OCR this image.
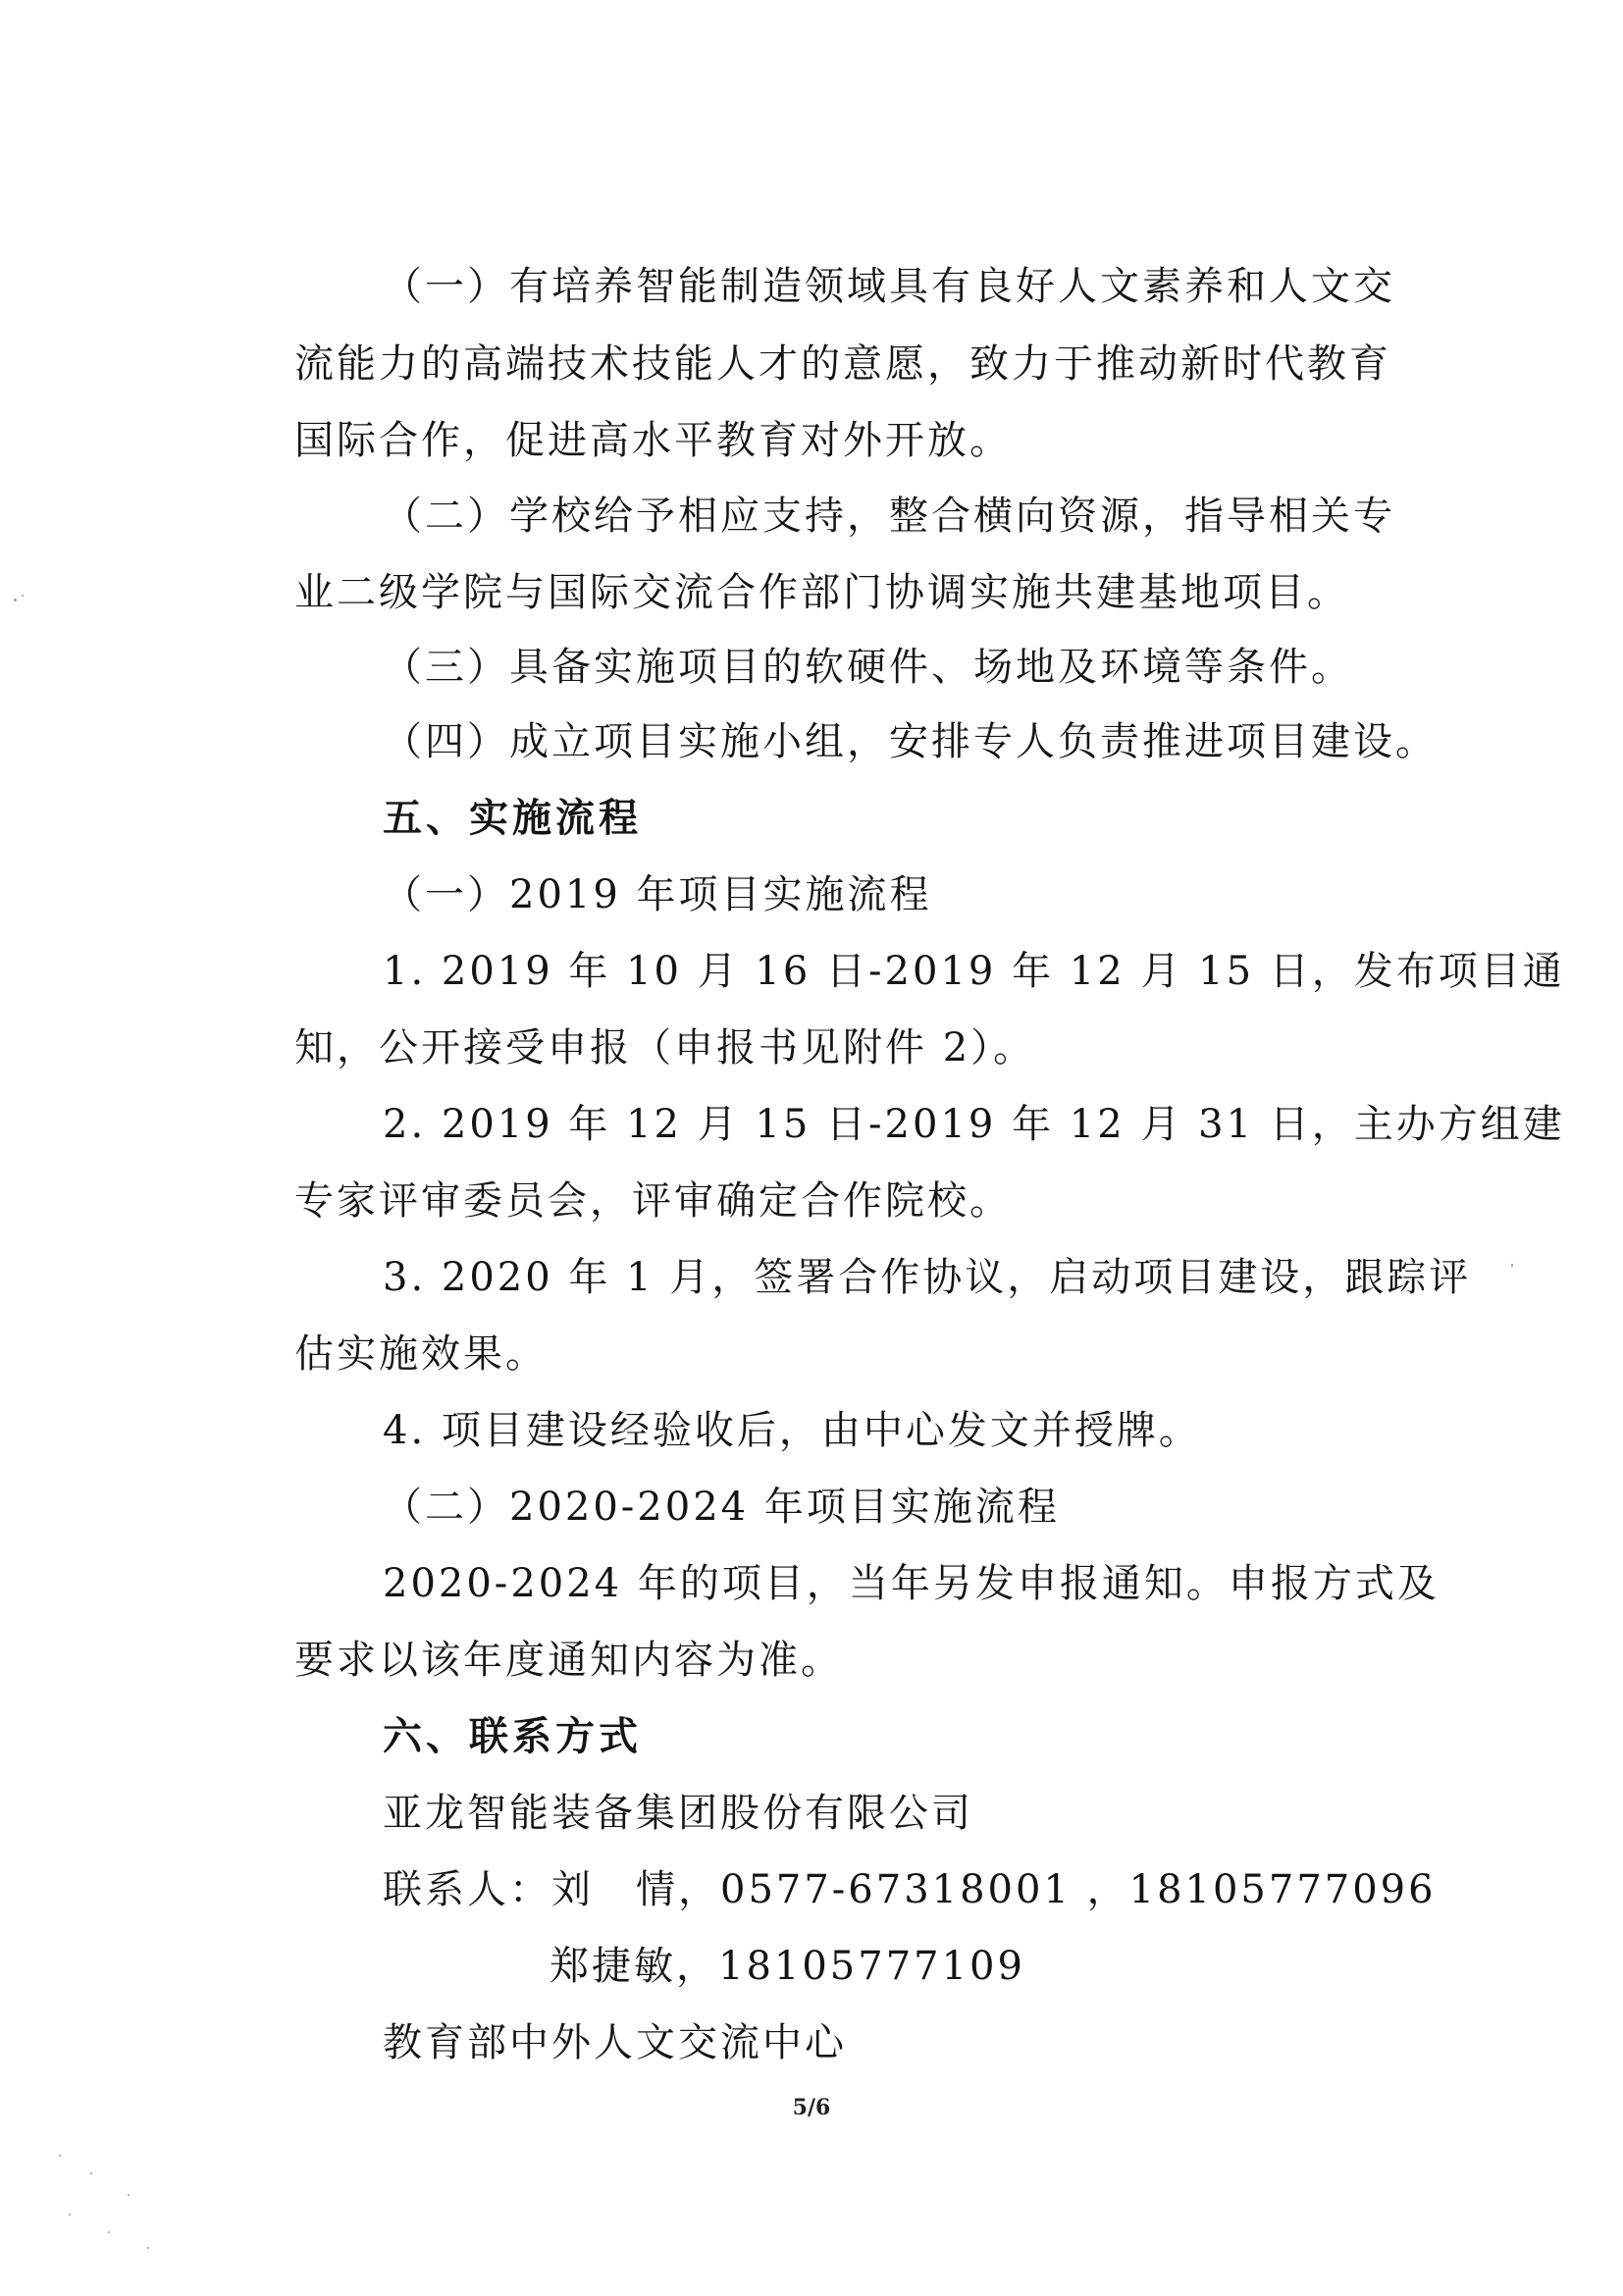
（一）有培养智能制造领域具有良好人文素养和人文交
流能力的高端技术技能人才的意愿，致力于推动新时代教育
国际合作，促进高水平教育对外开放。
（二）学校给予相应支持，整合横向资源，指导相关专
业二级学院与国际交流合作部门协调实施共建基地项目。
（三）具备实施项目的软硬件、场地及环境等条件。
（四）成立项目实施小组，安排专人负责推进项目建设。
五、实施流程
（一）2019 年项目实施流程
1. 2019 年 10 月 16 日-2019 年 12 月 15 日，发布项目通
知，公开接受申报（申报书见附件 2）。
2. 2019 年 12 月 15 日-2019 年 12 月 31 日，主办方组建
专家评审委员会，评审确定合作院校。
3. 2020 年 1 月，签署合作协议，启动项目建设，跟踪评
估实施效果。
4. 项目建设经验收后，由中心发文并授牌。
（二）2020-2024 年项目实施流程
2020-2024 年的项目，当年另发申报通知。申报方式及
要求以该年度通知内容为准。
六、联系方式
亚龙智能装备集团股份有限公司
联系人：刘　情，0577-67318001 ，18105777096
郑捷敏，18105777109
教育部中外人文交流中心
5/6
